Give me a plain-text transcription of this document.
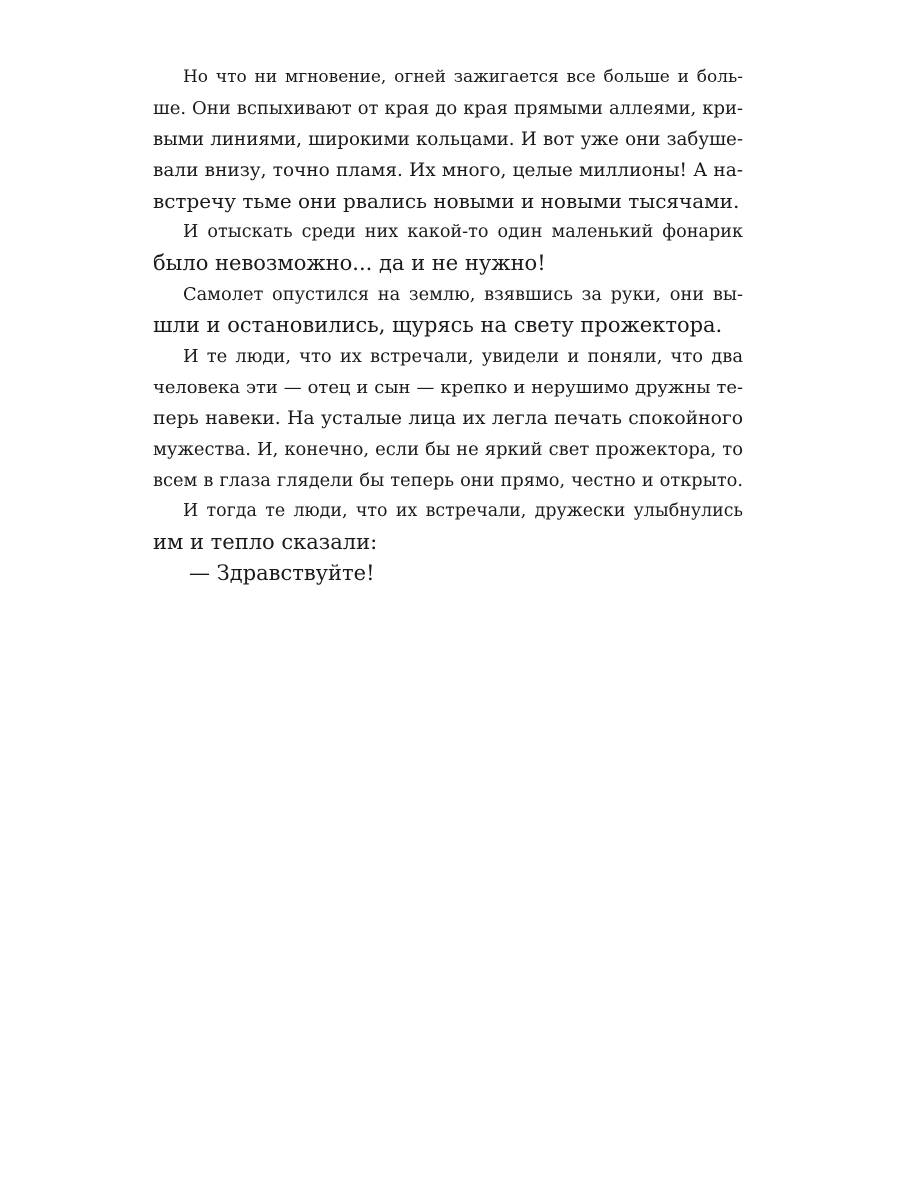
Но что ни мгновение, огней зажигается все больше и боль-
ше. Они вспыхивают от края до края прямыми аллеями, кри-
выми линиями, широкими кольцами. И вот уже они забуше-
вали внизу, точно пламя. Их много, целые миллионы! А на-
встречу тьме они рвались новыми и новыми тысячами.
И отыскать среди них какой-то один маленький фонарик
было невозможно... да и не нужно!
Самолет опустился на землю, взявшись за руки, они вы-
шли и остановились, щурясь на свету прожектора.
И те люди, что их встречали, увидели и поняли, что два
человека эти — отец и сын — крепко и нерушимо дружны те-
перь навеки. На усталые лица их легла печать спокойного
мужества. И, конечно, если бы не яркий свет прожектора, то
всем в глаза глядели бы теперь они прямо, честно и открыто.
И тогда те люди, что их встречали, дружески улыбнулись
им и тепло сказали:
— Здравствуйте!
